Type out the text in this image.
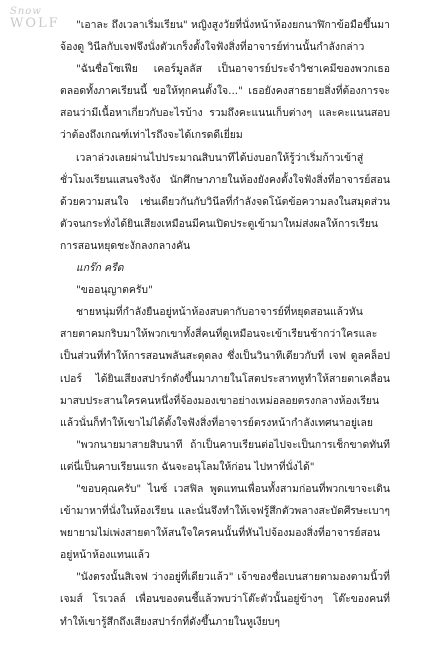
Snow
WOLF	"เอาละ ถึงเวลาเริ่มเรียน" หญิงสูงวัยที่นั่งหน้าห้องยกนาฬิกาข้อมือขึ้นมาจ้องดู วินีลกับเจฟจึงนั่งตัวเกร็งตั้งใจฟังสิ่งที่อาจารย์ท่านนั้นกำลังกล่าว

"ฉันชื่อโซเฟีย เคอร์มูลลัส เป็นอาจารย์ประจำวิชาเคมีของพวกเธอตลอดทั้งภาคเรียนนี้ ขอให้ทุกคนตั้งใจ..." เธอยังคงสาธยายสิ่งที่ต้องการจะสอนว่ามีเนื้อหาเกี่ยวกับอะไรบ้าง รวมถึงคะแนนเก็บต่างๆ และคะแนนสอบว่าต้องถึงเกณฑ์เท่าไรถึงจะได้เกรดดีเยี่ยม

เวลาล่วงเลยผ่านไปประมาณสิบนาทีได้บ่งบอกให้รู้ว่าเริ่มก้าวเข้าสู่ชั่วโมงเรียนแสนจริงจัง นักศึกษาภายในห้องยังคงตั้งใจฟังสิ่งที่อาจารย์สอนด้วยความสนใจ เช่นเดียวกันกับวินีลที่กำลังจดโน้ตข้อความลงในสมุดส่วนตัวจนกระทั่งได้ยินเสียงเหมือนมีคนเปิดประตูเข้ามาใหม่ส่งผลให้การเรียนการสอนหยุดชะงักลงกลางคัน

แกร๊ก ครืด

"ขออนุญาตครับ"

ชายหนุ่มที่กำลังยืนอยู่หน้าห้องสบตากับอาจารย์ที่หยุดสอนแล้วหันสายตาคมกริบมาให้พวกเขาทั้งสี่คนที่ดูเหมือนจะเข้าเรียนช้ากว่าใครและเป็นส่วนที่ทำให้การสอนพลันสะดุดลง ซึ่งเป็นวินาทีเดียวกับที่ เจฟ ดูลคล็อปเปอร์ ได้ยินเสียงสปาร์กดังขึ้นมาภายในโสตประสาทหูทำให้สายตาเคลื่อนมาสบประสานใครคนหนึ่งที่จ้องมองเขาอย่างเหม่อลอยตรงกลางห้องเรียน แล้วนั่นก็ทำให้เขาไม่ได้ตั้งใจฟังสิ่งที่อาจารย์ตรงหน้ากำลังเทศนาอยู่เลย

"พวกนายมาสายสิบนาที ถ้าเป็นคาบเรียนต่อไปจะเป็นการเช็กขาดทันทีแต่นี่เป็นคาบเรียนแรก ฉันจะอนุโลมให้ก่อน ไปหาที่นั่งได้"

"ขอบคุณครับ" ไนซ์ เวสฟิล พูดแทนเพื่อนทั้งสามก่อนที่พวกเขาจะเดินเข้ามาหาที่นั่งในห้องเรียน และนั่นจึงทำให้เจฟรู้สึกตัวพลางสะบัดศีรษะเบาๆ พยายามไม่เพ่งสายตาให้สนใจใครคนนั้นที่หันไปจ้องมองสิ่งที่อาจารย์สอนอยู่หน้าห้องแทนแล้ว

"นังตรงนั้นสิเจฟ ว่างอยู่ที่เดียวแล้ว" เจ้าของชื่อเบนสายตามองตามนิ้วที่เจมส์ โรเวลล์ เพื่อนของตนชี้แล้วพบว่าโต๊ะตัวนั้นอยู่ข้างๆ โต๊ะของคนที่ทำให้เขารู้สึกถึงเสียงสปาร์กที่ดังขึ้นภายในหูเงียบๆ
